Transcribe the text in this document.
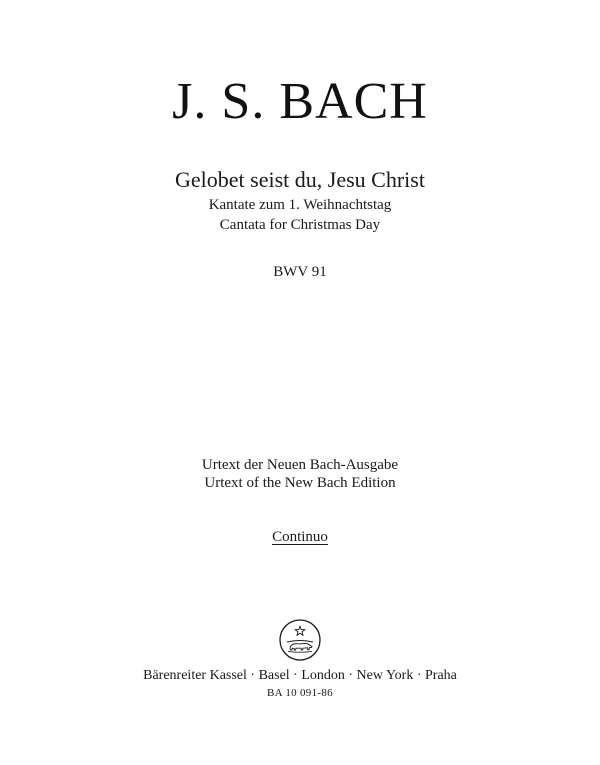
J. S. BACH
Gelobet seist du, Jesu Christ
Kantate zum 1. Weihnachtstag
Cantata for Christmas Day
BWV 91
Urtext der Neuen Bach-Ausgabe
Urtext of the New Bach Edition
Continuo
Bärenreiter Kassel · Basel · London · New York · Praha
BA 10 091-86
